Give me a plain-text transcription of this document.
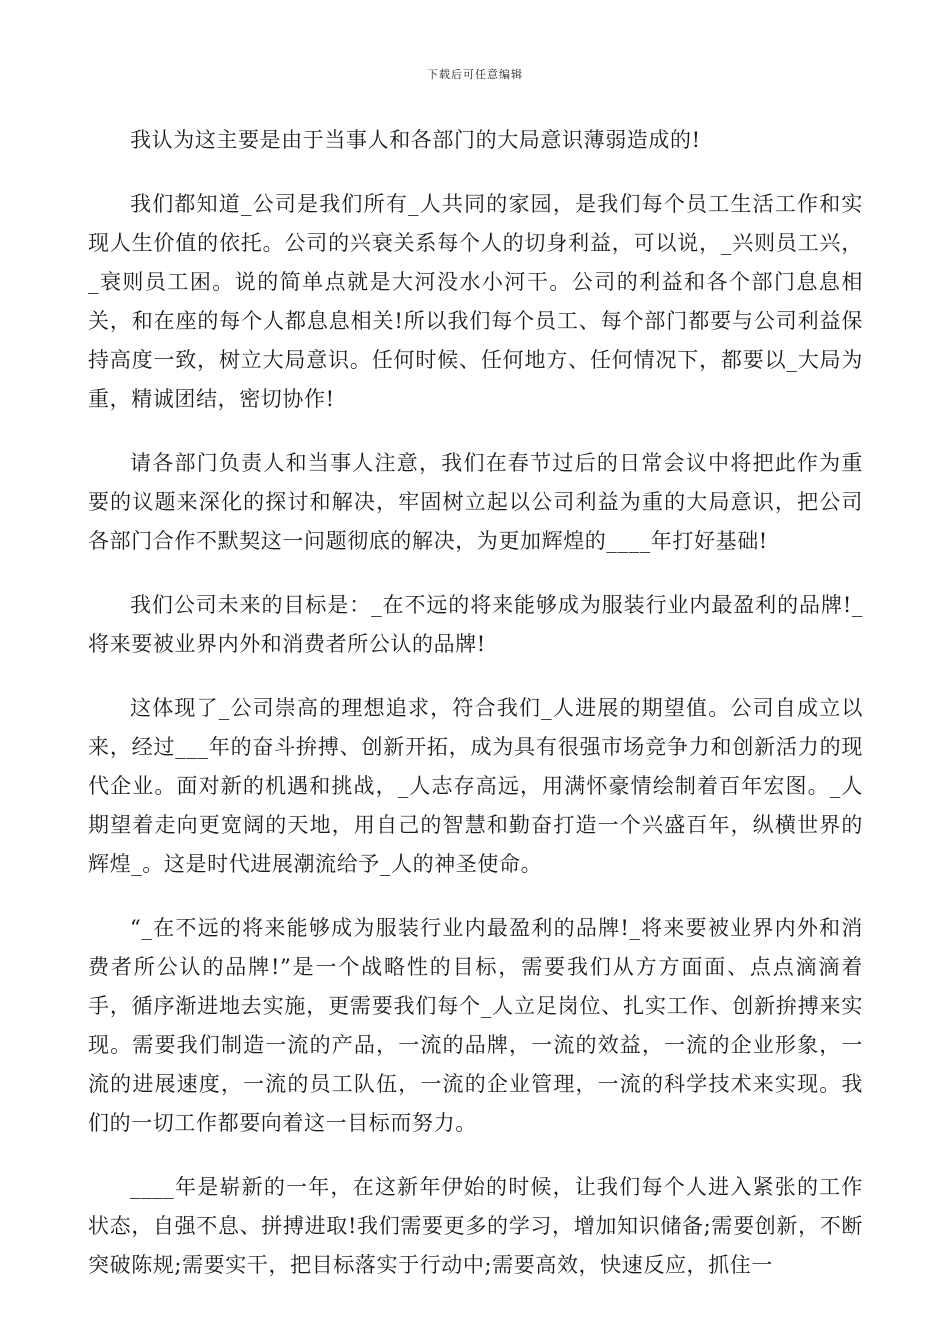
下载后可任意编辑

我认为这主要是由于当事人和各部门的大局意识薄弱造成的!

我们都知道_公司是我们所有_人共同的家园，是我们每个员工生活工作和实现人生价值的依托。公司的兴衰关系每个人的切身利益，可以说，_兴则员工兴，_衰则员工困。说的简单点就是大河没水小河干。公司的利益和各个部门息息相关，和在座的每个人都息息相关!所以我们每个员工、每个部门都要与公司利益保持高度一致，树立大局意识。任何时候、任何地方、任何情况下，都要以_大局为重，精诚团结，密切协作!

请各部门负责人和当事人注意，我们在春节过后的日常会议中将把此作为重要的议题来深化的探讨和解决，牢固树立起以公司利益为重的大局意识，把公司各部门合作不默契这一问题彻底的解决，为更加辉煌的____年打好基础!

我们公司未来的目标是：_在不远的将来能够成为服装行业内最盈利的品牌!_将来要被业界内外和消费者所公认的品牌!

这体现了_公司崇高的理想追求，符合我们_人进展的期望值。公司自成立以来，经过___年的奋斗拚搏、创新开拓，成为具有很强市场竞争力和创新活力的现代企业。面对新的机遇和挑战，_人志存高远，用满怀豪情绘制着百年宏图。_人期望着走向更宽阔的天地，用自己的智慧和勤奋打造一个兴盛百年，纵横世界的辉煌_。这是时代进展潮流给予_人的神圣使命。

“_在不远的将来能够成为服装行业内最盈利的品牌!_将来要被业界内外和消费者所公认的品牌!”是一个战略性的目标，需要我们从方方面面、点点滴滴着手，循序渐进地去实施，更需要我们每个_人立足岗位、扎实工作、创新拚搏来实现。需要我们制造一流的产品，一流的品牌，一流的效益，一流的企业形象，一流的进展速度，一流的员工队伍，一流的企业管理，一流的科学技术来实现。我们的一切工作都要向着这一目标而努力。

____年是崭新的一年，在这新年伊始的时候，让我们每个人进入紧张的工作状态，自强不息、拼搏进取!我们需要更多的学习，增加知识储备;需要创新，不断突破陈规;需要实干，把目标落实于行动中;需要高效，快速反应，抓住一
